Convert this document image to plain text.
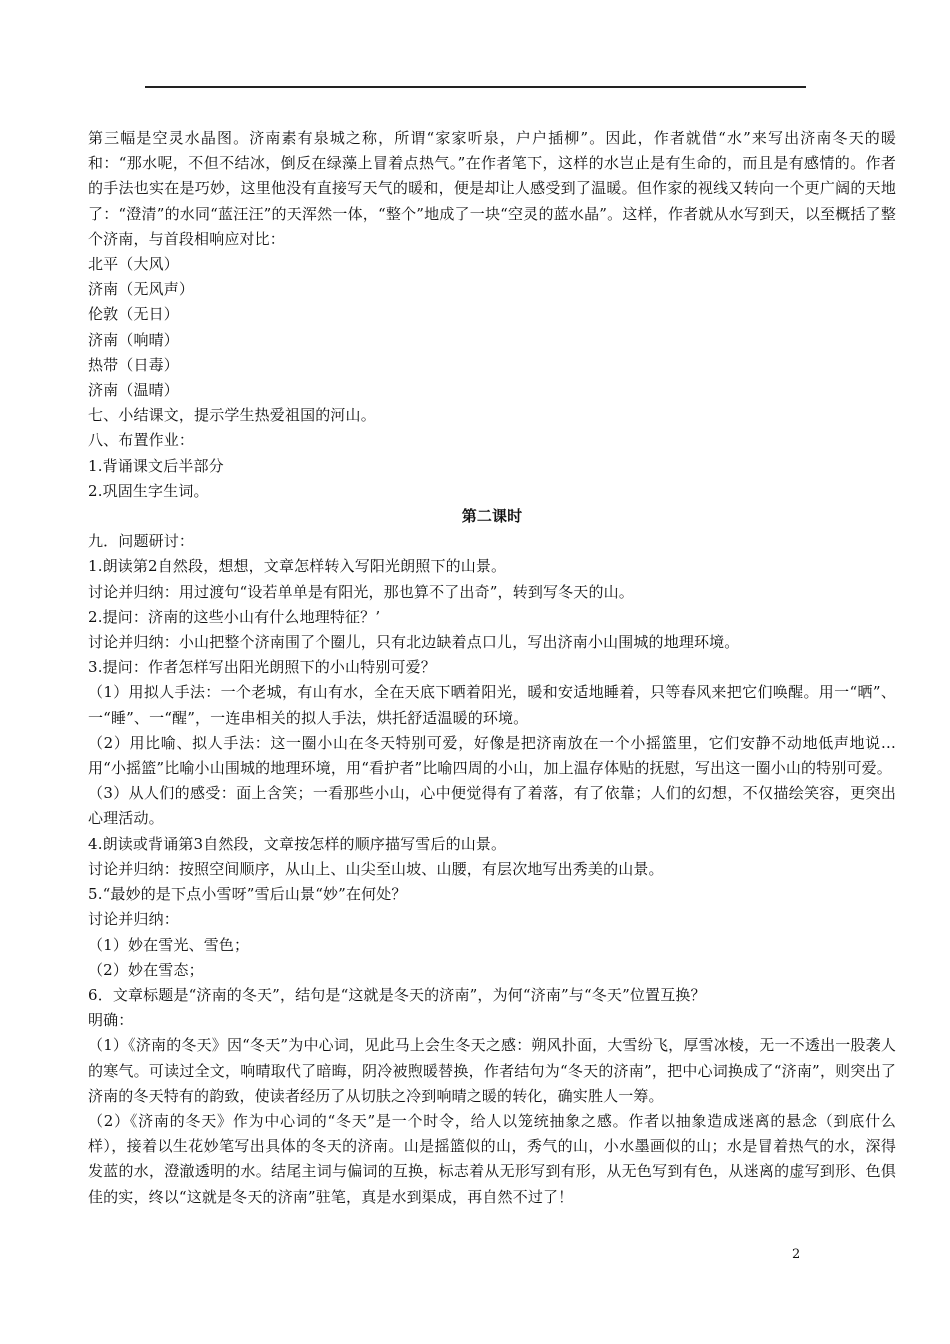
第三幅是空灵水晶图。济南素有泉城之称，所谓“家家听泉，户户插柳”。因此，作者就借“水”来写出济南冬天的暖和：“那水呢，不但不结冰，倒反在绿藻上冒着点热气。”在作者笔下，这样的水岂止是有生命的，而且是有感情的。作者的手法也实在是巧妙，这里他没有直接写天气的暖和，便是却让人感受到了温暖。但作家的视线又转向一个更广阔的天地了：“澄清”的水同“蓝汪汪”的天浑然一体，“整个”地成了一块“空灵的蓝水晶”。这样，作者就从水写到天，以至概括了整个济南，与首段相响应对比：

北平（大风）

济南（无风声）

伦敦（无日）

济南（响晴）

热带（日毒）

济南（温晴）

七、小结课文，提示学生热爱祖国的河山。

八、布置作业：

1.背诵课文后半部分

2.巩固生字生词。

第二课时

九．问题研讨：

1.朗读第2自然段，想想，文章怎样转入写阳光朗照下的山景。

讨论并归纳：用过渡句“设若单单是有阳光，那也算不了出奇”，转到写冬天的山。

2.提问：济南的这些小山有什么地理特征？’

讨论并归纳：小山把整个济南围了个圈儿，只有北边缺着点口儿，写出济南小山围城的地理环境。

3.提问：作者怎样写出阳光朗照下的小山特别可爱？

（1）用拟人手法：一个老城，有山有水，全在天底下晒着阳光，暖和安适地睡着，只等春风来把它们唤醒。用一“晒”、一“睡”、一“醒”，一连串相关的拟人手法，烘托舒适温暖的环境。

（2）用比喻、拟人手法：这一圈小山在冬天特别可爱，好像是把济南放在一个小摇篮里，它们安静不动地低声地说…用“小摇篮”比喻小山围城的地理环境，用“看护者”比喻四周的小山，加上温存体贴的抚慰，写出这一圈小山的特别可爱。

（3）从人们的感受：面上含笑；一看那些小山，心中便觉得有了着落，有了依靠；人们的幻想，不仅描绘笑容，更突出心理活动。

4.朗读或背诵第3自然段，文章按怎样的顺序描写雪后的山景。

讨论并归纳：按照空间顺序，从山上、山尖至山坡、山腰，有层次地写出秀美的山景。

5.“最妙的是下点小雪呀”雪后山景“妙”在何处？

讨论并归纳：

（1）妙在雪光、雪色；

（2）妙在雪态；

6．文章标题是“济南的冬天”，结句是“这就是冬天的济南”，为何“济南”与“冬天”位置互换？

明确：

（1）《济南的冬天》因“冬天”为中心词，见此马上会生冬天之感：朔风扑面，大雪纷飞，厚雪冰棱，无一不透出一股袭人的寒气。可读过全文，响晴取代了暗晦，阴冷被煦暖替换，作者结句为“冬天的济南”，把中心词换成了“济南”，则突出了济南的冬天特有的韵致，使读者经历了从切肤之冷到响晴之暖的转化，确实胜人一筹。

（2）《济南的冬天》作为中心词的“冬天”是一个时令，给人以笼统抽象之感。作者以抽象造成迷离的悬念（到底什么样），接着以生花妙笔写出具体的冬天的济南。山是摇篮似的山，秀气的山，小水墨画似的山；水是冒着热气的水，深得发蓝的水，澄澈透明的水。结尾主词与偏词的互换，标志着从无形写到有形，从无色写到有色，从迷离的虚写到形、色俱佳的实，终以“这就是冬天的济南”驻笔，真是水到渠成，再自然不过了！

2
